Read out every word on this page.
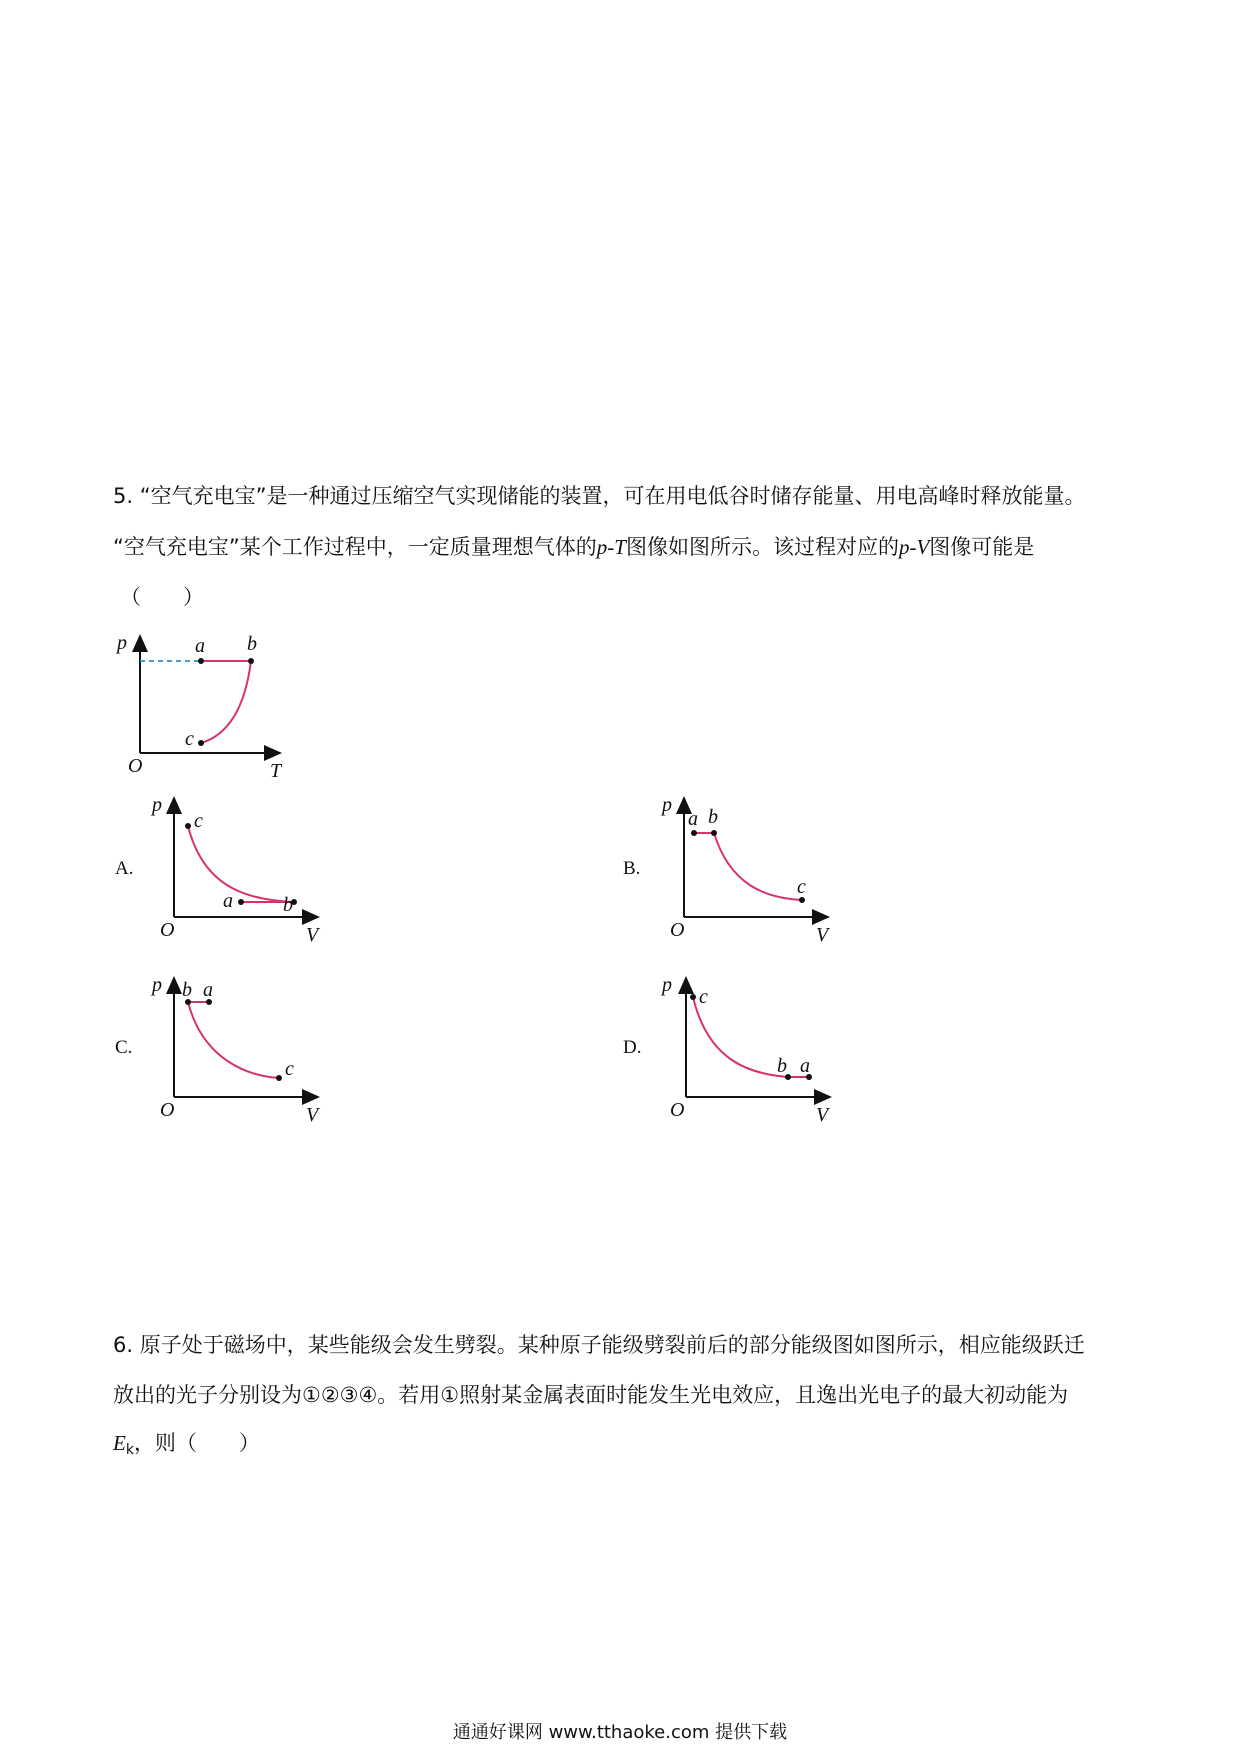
5. “空气充电宝”是一种通过压缩空气实现储能的装置，可在用电低谷时储存能量、用电高峰时释放能量。
“空气充电宝”某个工作过程中，一定质量理想气体的p-T图像如图所示。该过程对应的p-V图像可能是
（　　）
p
T
O
a b
c
A.
p
V
O
c
a	b
B.
p
V
O
a b
c
C.
p
V
O
b a
c
D.
p
V
O
c
b a
6. 原子处于磁场中，某些能级会发生劈裂。某种原子能级劈裂前后的部分能级图如图所示，相应能级跃迁
放出的光子分别设为①②③④。若用①照射某金属表面时能发生光电效应，且逸出光电子的最大初动能为
$E_k$，则（　　）
通通好课网 www.tthaoke.com 提供下载
